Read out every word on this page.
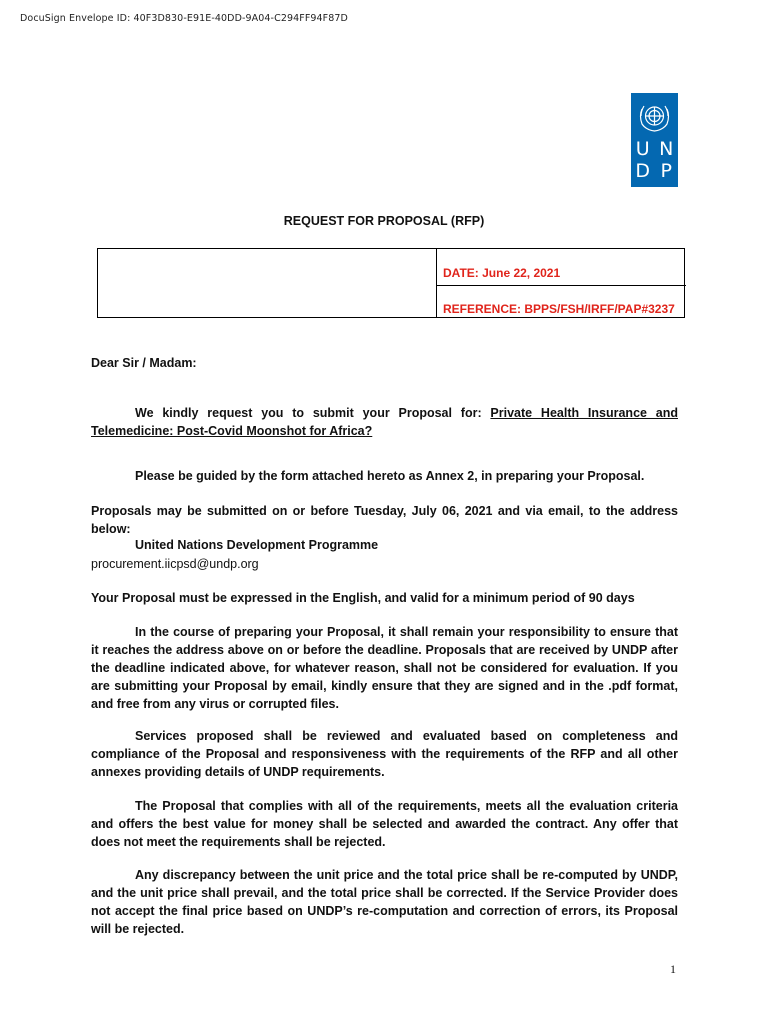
DocuSign Envelope ID: 40F3D830-E91E-40DD-9A04-C294FF94F87D
U N
D P
REQUEST FOR PROPOSAL (RFP)
DATE: June 22, 2021
REFERENCE: BPPS/FSH/IRFF/PAP#3237
Dear Sir / Madam:
We kindly request you to submit your Proposal for: Private Health Insurance and Telemedicine: Post-Covid Moonshot for Africa?
Please be guided by the form attached hereto as Annex 2, in preparing your Proposal.
Proposals may be submitted on or before Tuesday, July 06, 2021 and via email, to the address below:
United Nations Development Programme
procurement.iicpsd@undp.org
Your Proposal must be expressed in the English, and valid for a minimum period of 90 days
In the course of preparing your Proposal, it shall remain your responsibility to ensure that it reaches the address above on or before the deadline. Proposals that are received by UNDP after the deadline indicated above, for whatever reason, shall not be considered for evaluation. If you are submitting your Proposal by email, kindly ensure that they are signed and in the .pdf format, and free from any virus or corrupted files.
Services proposed shall be reviewed and evaluated based on completeness and compliance of the Proposal and responsiveness with the requirements of the RFP and all other annexes providing details of UNDP requirements.
The Proposal that complies with all of the requirements, meets all the evaluation criteria and offers the best value for money shall be selected and awarded the contract. Any offer that does not meet the requirements shall be rejected.
Any discrepancy between the unit price and the total price shall be re-computed by UNDP, and the unit price shall prevail, and the total price shall be corrected. If the Service Provider does not accept the final price based on UNDP’s re-computation and correction of errors, its Proposal will be rejected.
1
